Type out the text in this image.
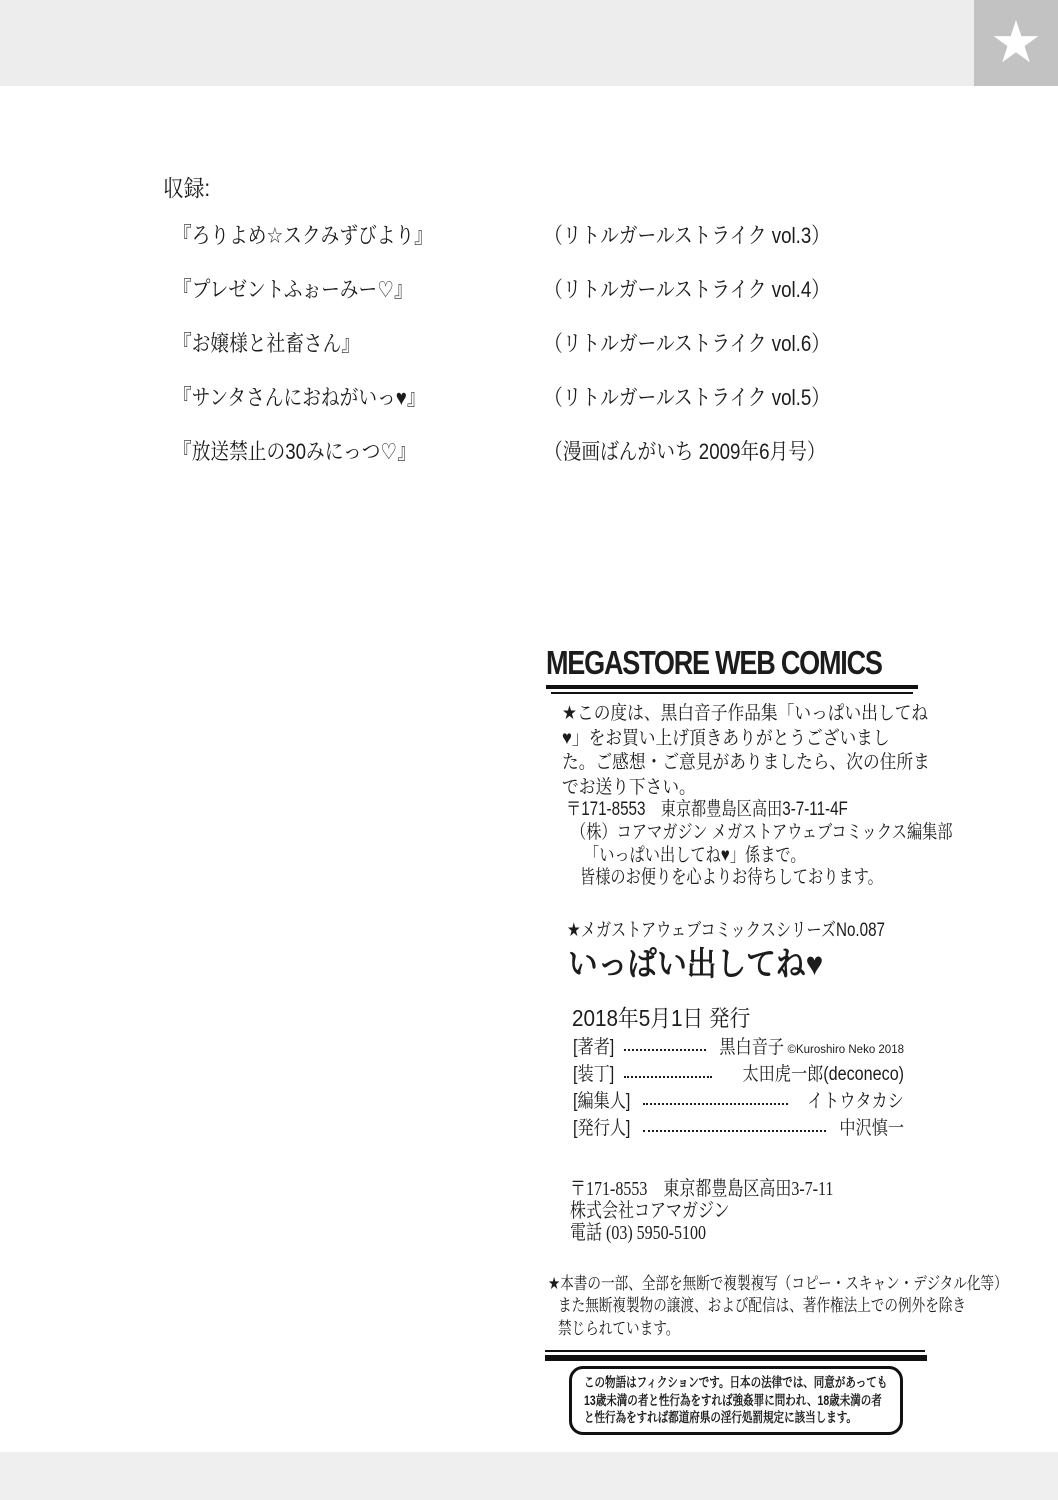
★
収録:
『ろりよめ☆スクみずびより』	（リトルガールストライク vol.3）
『プレゼントふぉーみー♡』	（リトルガールストライク vol.4）
『お嬢様と社畜さん』	（リトルガールストライク vol.6）
『サンタさんにおねがいっ♥』	（リトルガールストライク vol.5）
『放送禁止の30みにっつ♡』	（漫画ばんがいち 2009年6月号）
MEGASTORE WEB COMICS
★この度は、黒白音子作品集「いっぱい出してね
♥」をお買い上げ頂きありがとうございまし
た。ご感想・ご意見がありましたら、次の住所ま
でお送り下さい。
〒171-8553　東京都豊島区高田3-7-11-4F
（株）コアマガジン メガストアウェブコミックス編集部
「いっぱい出してね♥」係まで。
皆様のお便りを心よりお待ちしております。
★メガストアウェブコミックスシリーズNo.087
いっぱい出してね♥
2018年5月1日 発行
[著者]	黒白音子 ©Kuroshiro Neko 2018
[装丁]	太田虎一郎(deconeco)
[編集人]	イトウタカシ
[発行人]	中沢慎一
〒171-8553　東京都豊島区高田3-7-11
株式会社コアマガジン
電話 (03) 5950-5100
★本書の一部、全部を無断で複製複写（コピー・スキャン・デジタル化等）
また無断複製物の譲渡、および配信は、著作権法上での例外を除き
禁じられています。
この物語はフィクションです。日本の法律では、同意があっても
13歳未満の者と性行為をすれば強姦罪に問われ、18歳未満の者
と性行為をすれば都道府県の淫行処罰規定に該当します。
